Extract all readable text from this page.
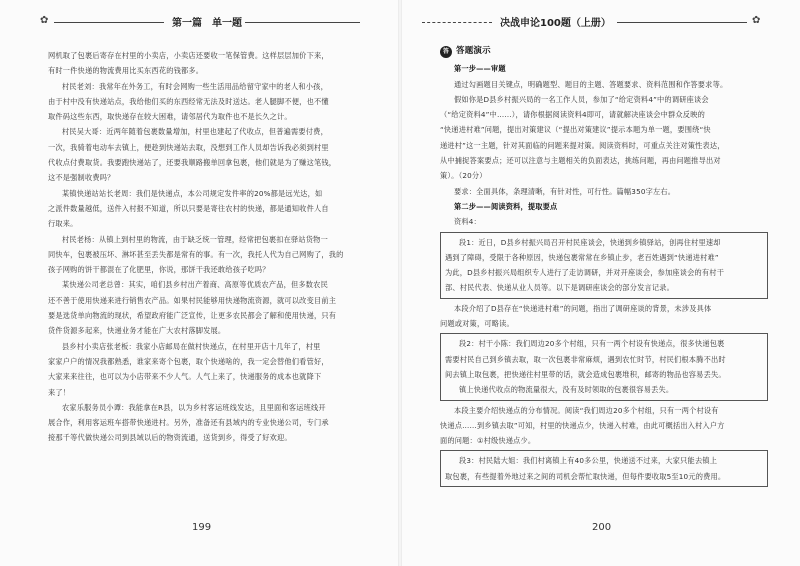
✿	第一篇　单一题

网机取了包裹后寄存在村里的小卖店，小卖店还要收一笔保管费。这样层层加价下来，

有时一件快递的物流费用比买东西花的钱都多。

村民老刘：我常年在外务工，有时会网购一些生活用品给留守家中的老人和小孩，

由于村中没有快递站点，我给他们买的东西经常无法及时送达。老人腿脚不便，也不懂

取件码这些东西，取快递存在较大困难，请邻居代为取件也不是长久之计。

村民吴大哥：近两年随着包裹数量增加，村里也建起了代收点，但普遍需要付费，

一次，我骑着电动车去镇上，便趁到快递站去取，没想到工作人员却告诉我必须到村里

代收点付费取货。我要跑快递站了，还要我顺路搬单回拿包裹，他们就是为了赚这笔钱，

这不是强制收费吗？

某镇快递站站长老周：我们是快递点，本公司规定发件率的20%都是远光达，如

之派件数量越低，送件入村报不知道，所以只要是寄往农村的快递，都是通知收件人自

行取来。

村民老杨：从镇上到村里的物流，由于缺乏统一管理，经常把包裹扣在驿站货物一

同快车，包裹被压坏、淋坏甚至丢失都是常有的事。有一次，我托人代为自己网购了，我的

孩子网购的饼干都混在了化肥里，你说，那饼干我还敢给孩子吃吗？

某快递公司老总曾：其实，咱们县乡村出产着商、高原等优质农产品，但多数农民

还不善于使用快递来进行销售农产品。如果村民能够用快递物流资源，就可以改变目前主

要是选货单向物流的现状，希望政府能广泛宣传，让更多农民都会了解和使用快递，只有

货件货源多起来，快递业务才能在广大农村落脚发展。

县乡村小卖店张老板：我家小店邮局在做村快递点，在村里开店十几年了，村里

家家户户的情况我都熟悉，谁家来寄个包裹，取个快递啥的，我一定会替他们看管好，

大家来来往往，也可以为小店带来不少人气。人气上来了，快递服务的成本也就降下

来了！

农家乐服务员小谭：我能拿在R县，以为乡村客运班线发达，且里面和客运班线开

展合作，利用客运班车搭带快递进村。另外，准备还有县域内的专业快递公司，专门承

接那千等代做快递公司到县域以后的物资流通，送货到乡，得受了好欢迎。

199
决战申论100题（上册）	✿

答 答题演示

第一步——审题

通过勾画题目关键点，明确题型、题目的主题、答题要求、资料范围和作答要求等。

假如你是D县乡村振兴局的一名工作人员，参加了“给定资料4”中的调研座谈会

（“给定资料4”中……），请你根据阅读资料4即可，请就解决座谈会中群众反映的

“快递进村难”问题，提出对策建议（“提出对策建议”提示本题为单一题，要围绕“快

递进村”这一主题，针对其面临的问题来提对策。阅读资料时，可重点关注对策性表达，

从中捕捉答案要点；还可以注意与主题相关的负面表达，挑练问题，再由问题推导出对

策）。（20分）

要求：全面具体，条理清晰，有针对性，可行性。篇幅350字左右。

第二步——阅读资料，提取要点

资料4：

段1：近日，D县乡村振兴局召开村民座谈会，快递到乡镇驿站，创再住村里速却

遇到了障碍，受限于各种原因，快递包裹常常在乡镇止步，老百姓遇到“快递进村难”

为此，D县乡村振兴局组织专人进行了走访调研，并对开座谈会，参加座谈会的有村干

部、村民代表、快递从业人员等。以下是调研座谈会的部分发言记录。

本段介绍了D县存在“快递进村难”的问题，指出了调研座谈的背景，未涉及具体

问题或对策，可略读。

段2：村干小陈：我们周边20多个村组，只有一两个村设有快递点，很多快递包裹

需要村民自己到乡镇去取，取一次包裹非常麻烦，遇到农忙时节，村民们根本腾不出时

间去镇上取包裹，把快递往村里带的话，就会造成包裹堆积，邮寄的物品也容易丢失。

镇上快递代收点的物流量很大，没有及时领取的包裹很容易丢失。

本段主要介绍快递点的分布情况。阅读“我们周边20多个村组，只有一两个村设有

快递点……到乡镇去取”可知，村里的快递点少，快递入村难，由此可概括出入村入户方

面的问题：①村级快递点少。

段3：村民陆大姐：我们村离镇上有40多公里，快递送不过来，大家只能去镇上

取包裹，有些提着外地过来之间的司机会帮忙取快递，但每件要收取5至10元的费用。

200
